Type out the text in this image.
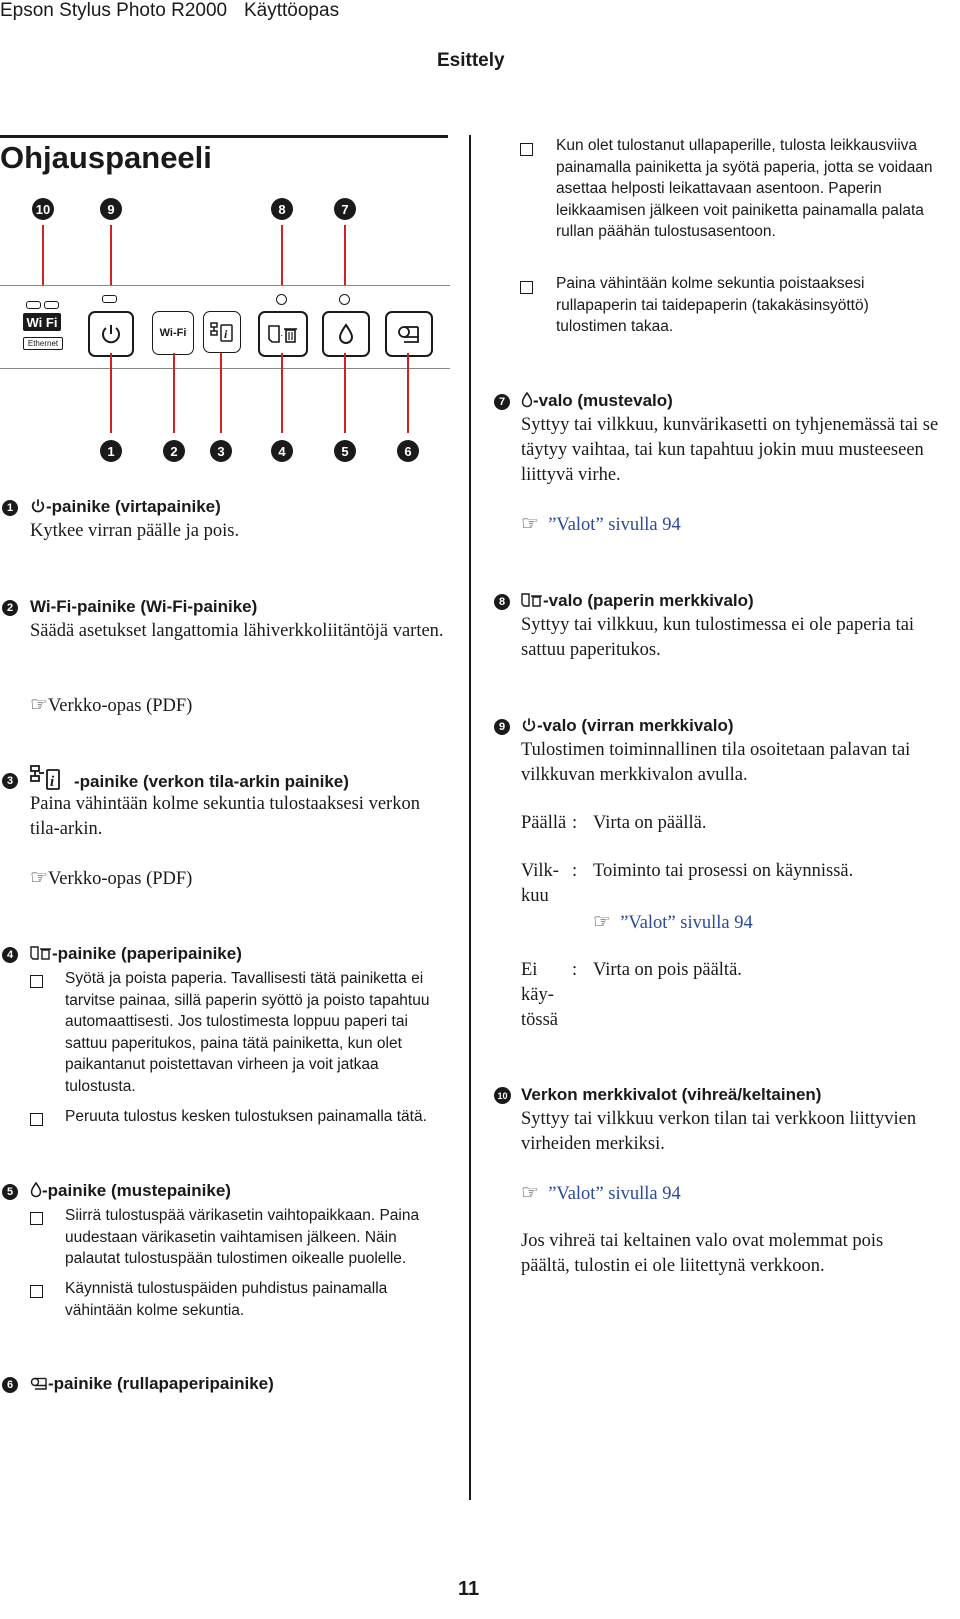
Epson Stylus Photo R2000 Käyttöopas
Esittely
Ohjauspaneeli
10	9	8	7
Wi Fi
Ethernet
Wi-Fi	i	·
1	2	3	4	5	6
Kun olet tulostanut ullapaperille, tulosta leikkausviiva painamalla painiketta ja syötä paperia, jotta se voidaan asettaa helposti leikattavaan asentoon. Paperin leikkaamisen jälkeen voit painiketta painamalla palata rullan päähän tulostusasentoon.
Paina vähintään kolme sekuntia poistaaksesi rullapaperin tai taidepaperin (takakäsinsyöttö) tulostimen takaa.
1	-painike (virtapainike)
Kytkee virran päälle ja pois.
2 Wi-Fi-painike (Wi-Fi-painike)
Säädä asetukset langattomia lähiverkkoliitäntöjä varten.
☞Verkko-opas (PDF)
3	i -painike (verkon tila-arkin painike)
Paina vähintään kolme sekuntia tulostaaksesi verkon tila-arkin.
☞Verkko-opas (PDF)
4	-painike (paperipainike)
Syötä ja poista paperia. Tavallisesti tätä painiketta ei tarvitse painaa, sillä paperin syöttö ja poisto tapahtuu automaattisesti. Jos tulostimesta loppuu paperi tai sattuu paperitukos, paina tätä painiketta, kun olet paikantanut poistettavan virheen ja voit jatkaa tulostusta.
Peruuta tulostus kesken tulostuksen painamalla tätä.
5	-painike (mustepainike)
Siirrä tulostuspää värikasetin vaihtopaikkaan. Paina uudestaan värikasetin vaihtamisen jälkeen. Näin palautat tulostuspään tulostimen oikealle puolelle.
Käynnistä tulostuspäiden puhdistus painamalla vähintään kolme sekuntia.
6	-painike (rullapaperipainike)
7	-valo (mustevalo)
Syttyy tai vilkkuu, kunvärikasetti on tyhjenemässä tai se täytyy vaihtaa, tai kun tapahtuu jokin muu musteeseen liittyvä virhe.
☞ ”Valot” sivulla 94
8	-valo (paperin merkkivalo)
Syttyy tai vilkkuu, kun tulostimessa ei ole paperia tai sattuu paperitukos.
9	-valo (virran merkkivalo)
Tulostimen toiminnallinen tila osoitetaan palavan tai vilkkuvan merkkivalon avulla.
Päällä : Virta on päällä.
Vilk-
kuu
: Toiminto tai prosessi on käynnissä.
☞ ”Valot” sivulla 94
Ei
käy-
tössä
: Virta on pois päältä.
10 Verkon merkkivalot (vihreä/keltainen)
Syttyy tai vilkkuu verkon tilan tai verkkoon liittyvien virheiden merkiksi.
☞ ”Valot” sivulla 94
Jos vihreä tai keltainen valo ovat molemmat pois päältä, tulostin ei ole liitettynä verkkoon.
11
